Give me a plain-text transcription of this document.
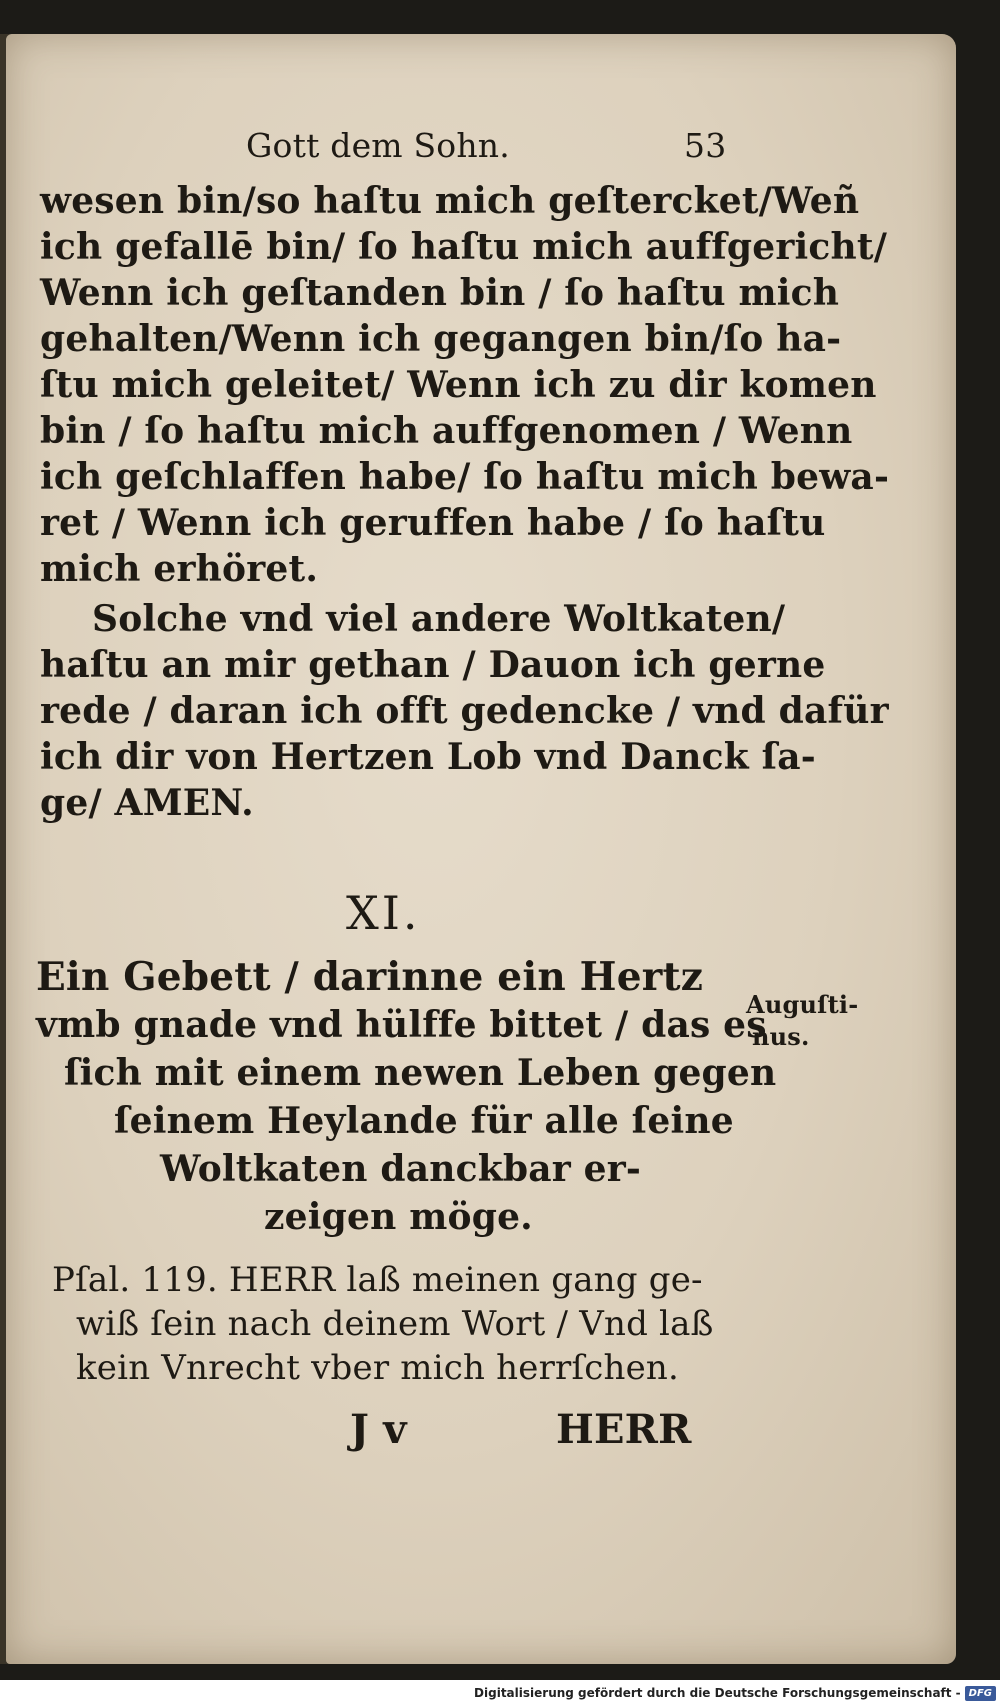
Gott dem Sohn.	53
wesen bin/so haſtu mich geſtercket/Weñ
ich gefallē bin/ ſo haſtu mich auffgericht/
Wenn ich geſtanden bin / ſo haſtu mich
gehalten/Wenn ich gegangen bin/ſo ha-
ſtu mich geleitet/ Wenn ich zu dir komen
bin / ſo haſtu mich auffgenomen / Wenn
ich geſchlaffen habe/ ſo haſtu mich bewa-
ret / Wenn ich geruffen habe / ſo haſtu
mich erhöret.
Solche vnd viel andere Woltkaten/
haſtu an mir gethan / Dauon ich gerne
rede / daran ich offt gedencke / vnd dafür
ich dir von Hertzen Lob vnd Danck ſa-
ge/ AMEN.
XI.
Ein Gebett / darinne ein Hertz
vmb gnade vnd hülffe bittet / das es
ſich mit einem newen Leben gegen
ſeinem Heylande für alle ſeine
Woltkaten danckbar er-
zeigen möge.
Auguſti-
nus.
Pſal. 119. HERR laß meinen gang ge-
wiß ſein nach deinem Wort / Vnd laß
kein Vnrecht vber mich herrſchen.
J v	HERR
Digitalisierung gefördert durch die Deutsche Forschungsgemeinschaft - DFG
